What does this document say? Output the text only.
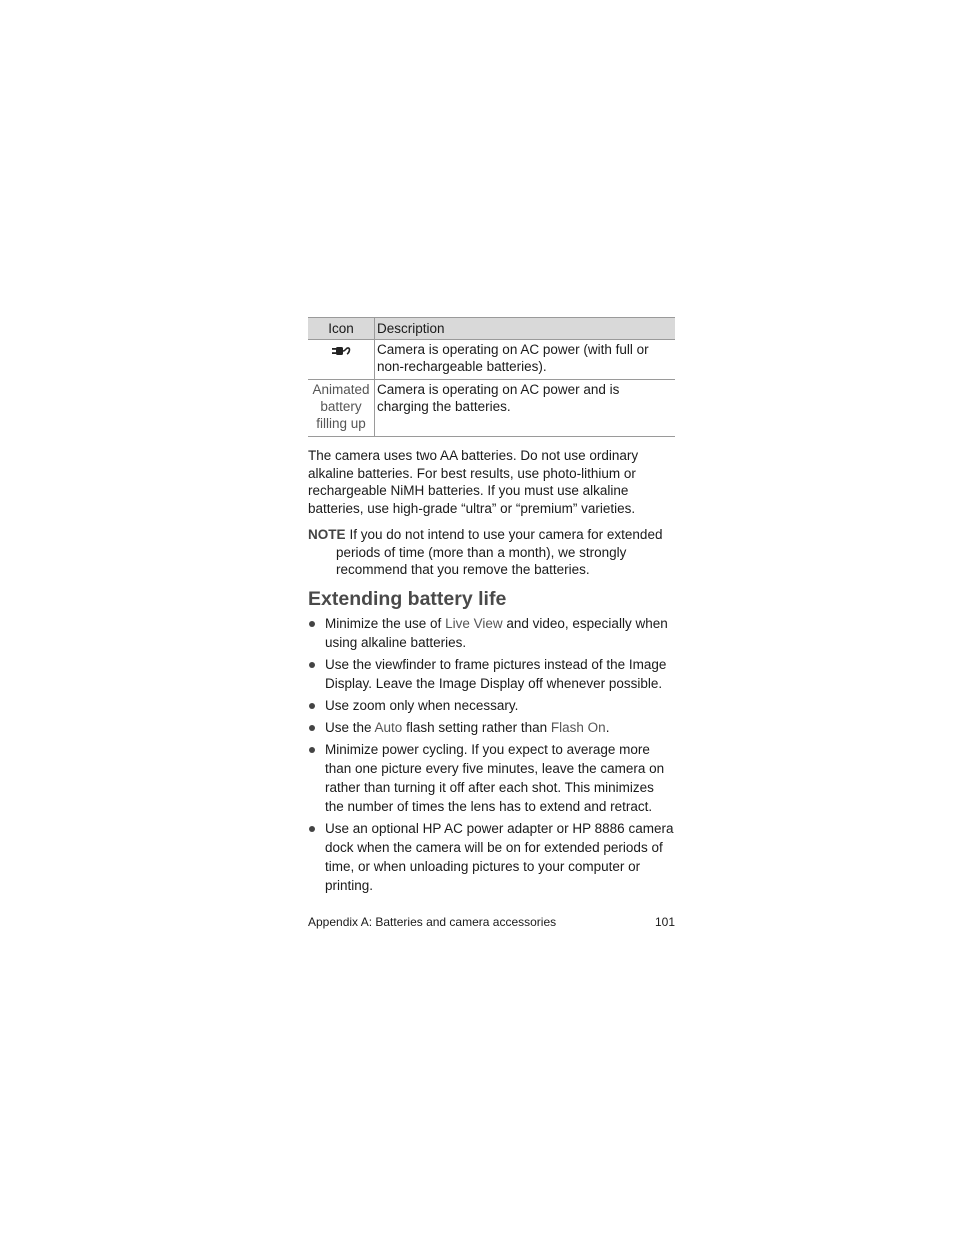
Icon	Description
	Camera is operating on AC power (with full or non-rechargeable batteries).
Animated battery filling up	Camera is operating on AC power and is charging the batteries.

The camera uses two AA batteries. Do not use ordinary alkaline batteries. For best results, use photo-lithium or rechargeable NiMH batteries. If you must use alkaline batteries, use high-grade “ultra” or “premium” varieties.

NOTE If you do not intend to use your camera for extended periods of time (more than a month), we strongly recommend that you remove the batteries.

Extending battery life
Minimize the use of Live View and video, especially when using alkaline batteries.
Use the viewfinder to frame pictures instead of the Image Display. Leave the Image Display off whenever possible.
Use zoom only when necessary.
Use the Auto flash setting rather than Flash On.
Minimize power cycling. If you expect to average more than one picture every five minutes, leave the camera on rather than turning it off after each shot. This minimizes the number of times the lens has to extend and retract.
Use an optional HP AC power adapter or HP 8886 camera dock when the camera will be on for extended periods of time, or when unloading pictures to your computer or printing.
Appendix A: Batteries and camera accessories	101
